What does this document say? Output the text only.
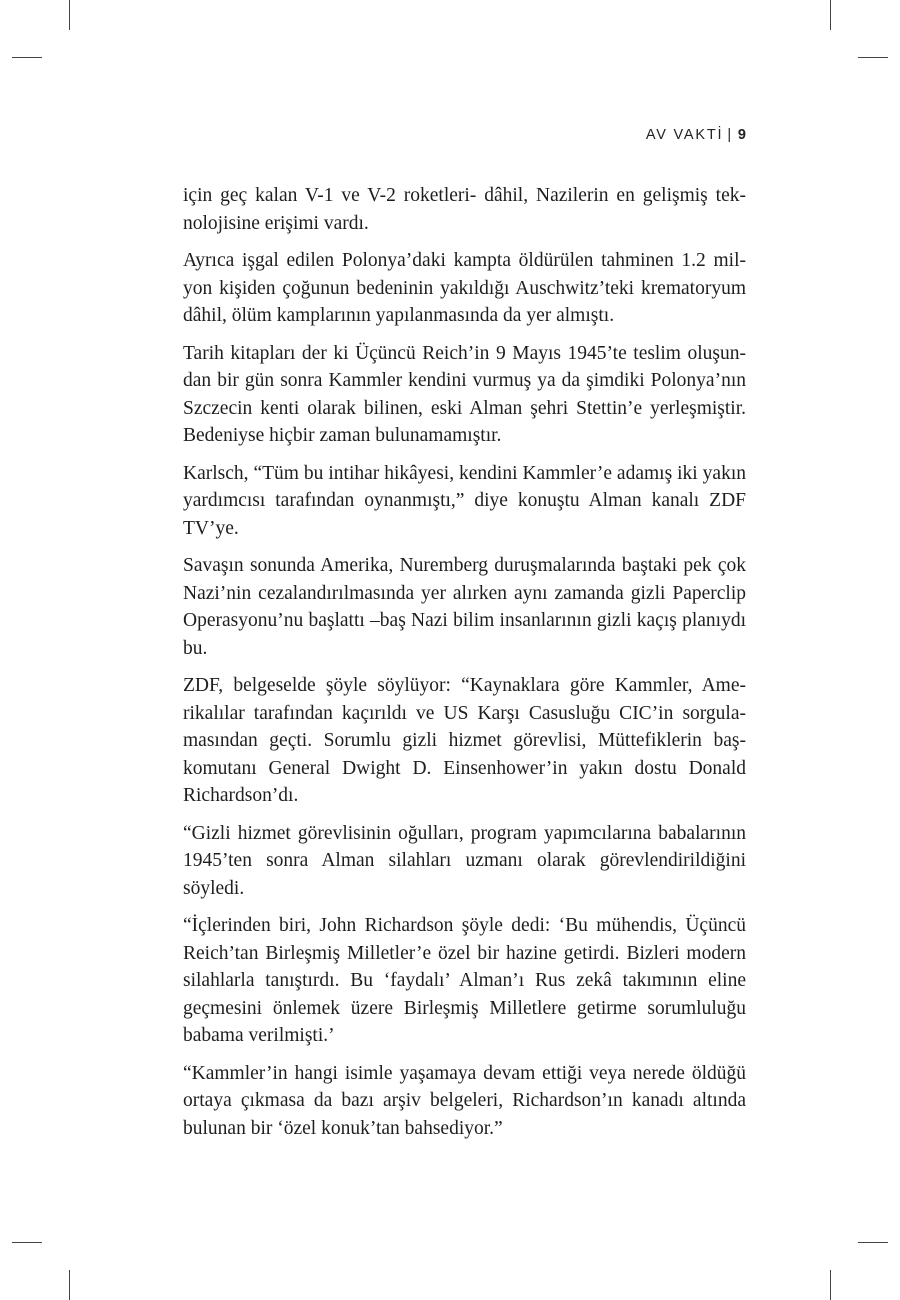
AV VAKTİ | 9

için geç kalan V-1 ve V-2 roketleri- dâhil, Nazilerin en gelişmiş teknolojisine erişimi vardı.

Ayrıca işgal edilen Polonya’daki kampta öldürülen tahminen 1.2 milyon kişiden çoğunun bedeninin yakıldığı Auschwitz’teki krematoryum dâhil, ölüm kamplarının yapılanmasında da yer almıştı.

Tarih kitapları der ki Üçüncü Reich’in 9 Mayıs 1945’te teslim oluşundan bir gün sonra Kammler kendini vurmuş ya da şimdiki Polonya’nın Szczecin kenti olarak bilinen, eski Alman şehri Stettin’e yerleşmiştir. Bedeniyse hiçbir zaman bulunamamıştır.

Karlsch, “Tüm bu intihar hikâyesi, kendini Kammler’e adamış iki yakın yardımcısı tarafından oynanmıştı,” diye konuştu Alman kanalı ZDF TV’ye.

Savaşın sonunda Amerika, Nuremberg duruşmalarında baştaki pek çok Nazi’nin cezalandırılmasında yer alırken aynı zamanda gizli Paperclip Operasyonu’nu başlattı –baş Nazi bilim insanlarının gizli kaçış planıydı bu.

ZDF, belgeselde şöyle söylüyor: “Kaynaklara göre Kammler, Amerikalılar tarafından kaçırıldı ve US Karşı Casusluğu CIC’in sorgulamasından geçti. Sorumlu gizli hizmet görevlisi, Müttefiklerin başkomutanı General Dwight D. Einsenhower’in yakın dostu Donald Richardson’dı.

“Gizli hizmet görevlisinin oğulları, program yapımcılarına babalarının 1945’ten sonra Alman silahları uzmanı olarak görevlendirildiğini söyledi.

“İçlerinden biri, John Richardson şöyle dedi: ‘Bu mühendis, Üçüncü Reich’tan Birleşmiş Milletler’e özel bir hazine getirdi. Bizleri modern silahlarla tanıştırdı. Bu ‘faydalı’ Alman’ı Rus zekâ takımının eline geçmesini önlemek üzere Birleşmiş Milletlere getirme sorumluluğu babama verilmişti.’

“Kammler’in hangi isimle yaşamaya devam ettiği veya nerede öldüğü ortaya çıkmasa da bazı arşiv belgeleri, Richardson’ın kanadı altında bulunan bir ‘özel konuk’tan bahsediyor.”
